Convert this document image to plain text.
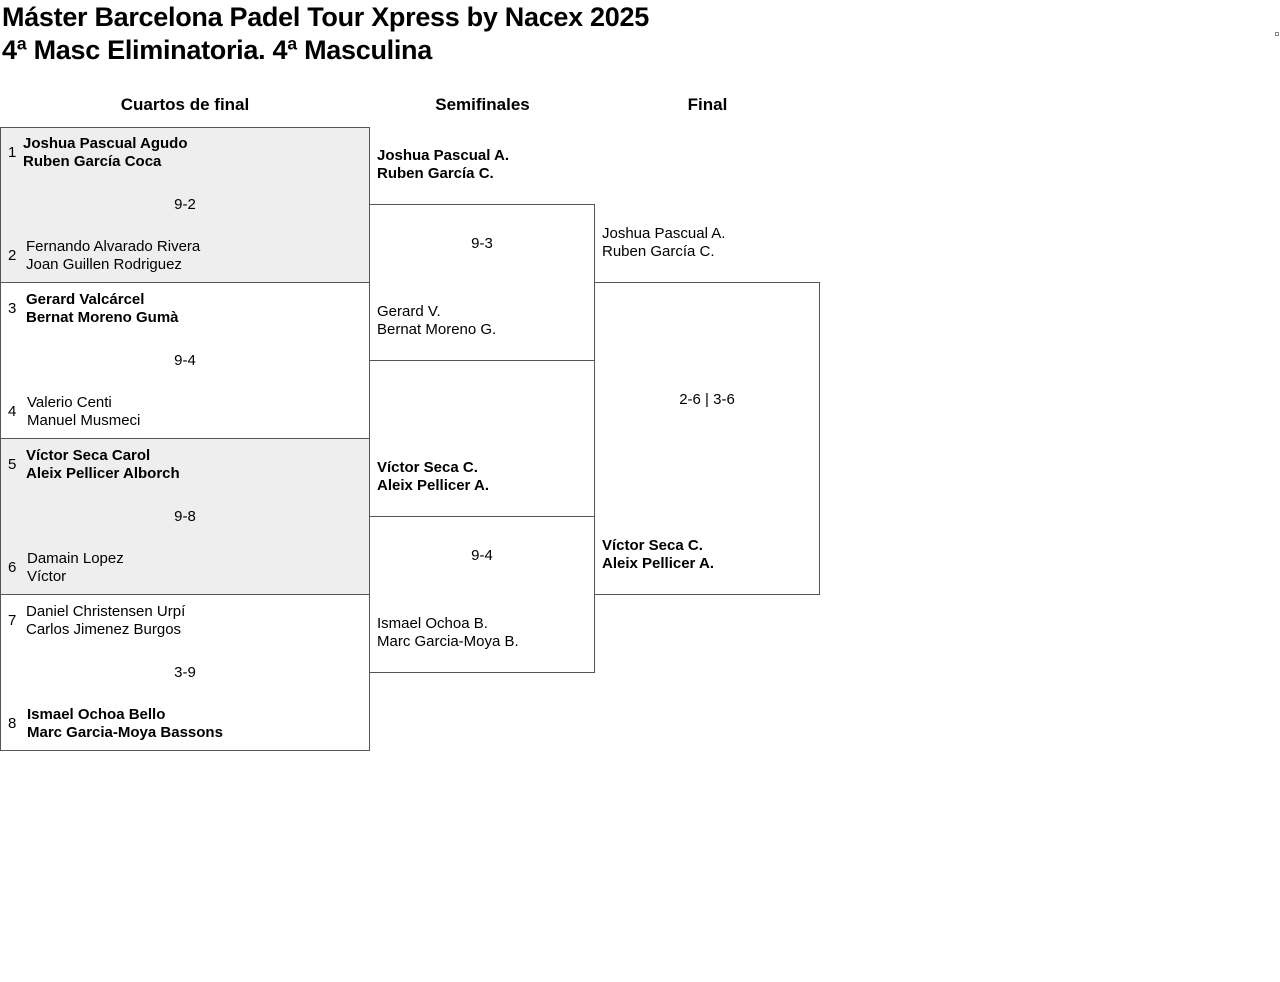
Máster Barcelona Padel Tour Xpress by Nacex 2025
4ª Masc Eliminatoria. 4ª Masculina
Cuartos de final	Semifinales	Final
1
Joshua Pascual Agudo
Ruben García Coca
9-2
2
Fernando Alvarado Rivera
Joan Guillen Rodriguez
3
Gerard Valcárcel
Bernat Moreno Gumà
9-4
4
Valerio Centi
Manuel Musmeci
5
Víctor Seca Carol
Aleix Pellicer Alborch
9-8
6
Damain Lopez
Víctor
7
Daniel Christensen Urpí
Carlos Jimenez Burgos
3-9
8
Ismael Ochoa Bello
Marc Garcia-Moya Bassons
Joshua Pascual A.
Ruben García C.
9-3
Gerard V.
Bernat Moreno G.
Víctor Seca C.
Aleix Pellicer A.
9-4
Ismael Ochoa B.
Marc Garcia-Moya B.
Joshua Pascual A.
Ruben García C.
2-6 | 3-6
Víctor Seca C.
Aleix Pellicer A.
